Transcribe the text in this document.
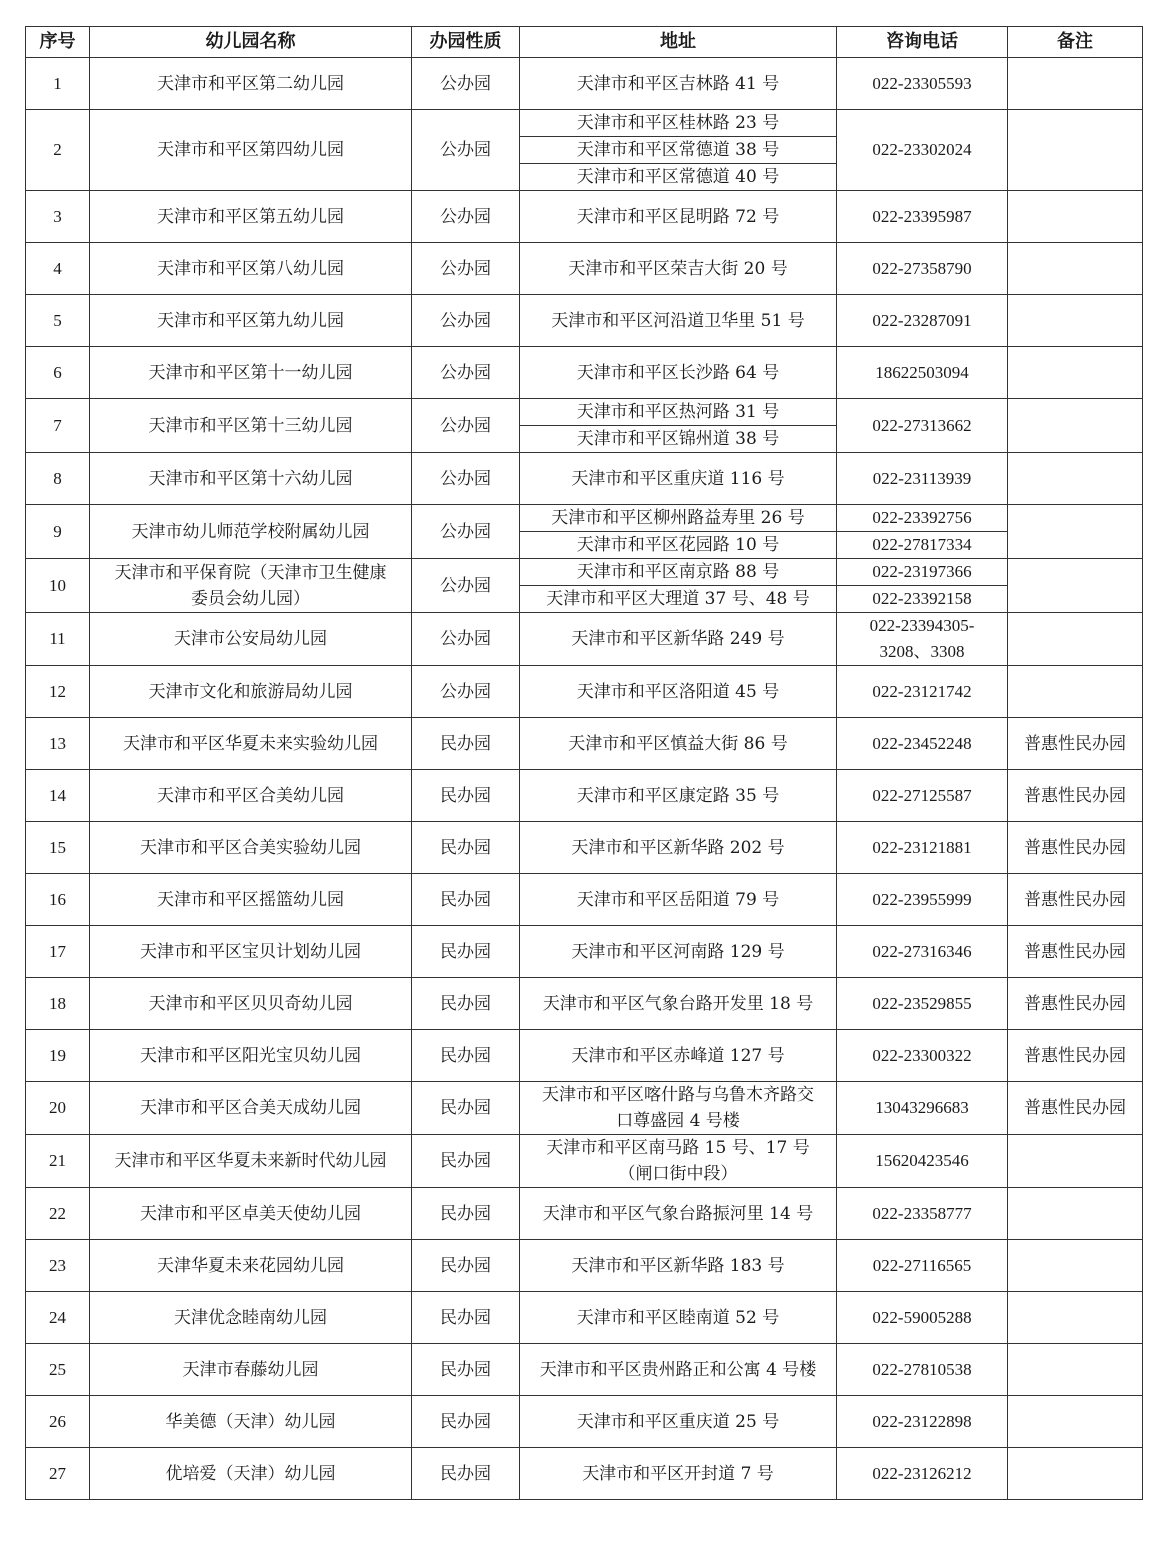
序号	幼儿园名称	办园性质	地址	咨询电话	备注
1	天津市和平区第二幼儿园	公办园	天津市和平区吉林路 41 号	022-23305593	
2	天津市和平区第四幼儿园	公办园	天津市和平区桂林路 23 号	022-23302024	
			天津市和平区常德道 38 号		
			天津市和平区常德道 40 号		
3	天津市和平区第五幼儿园	公办园	天津市和平区昆明路 72 号	022-23395987	
4	天津市和平区第八幼儿园	公办园	天津市和平区荣吉大街 20 号	022-27358790	
5	天津市和平区第九幼儿园	公办园	天津市和平区河沿道卫华里 51 号	022-23287091	
6	天津市和平区第十一幼儿园	公办园	天津市和平区长沙路 64 号	18622503094	
7	天津市和平区第十三幼儿园	公办园	天津市和平区热河路 31 号	022-27313662	
			天津市和平区锦州道 38 号		
8	天津市和平区第十六幼儿园	公办园	天津市和平区重庆道 116 号	022-23113939	
9	天津市幼儿师范学校附属幼儿园	公办园	天津市和平区柳州路益寿里 26 号	022-23392756	
			天津市和平区花园路 10 号	022-27817334	
10	天津市和平保育院（天津市卫生健康
委员会幼儿园）	公办园	天津市和平区南京路 88 号	022-23197366	
			天津市和平区大理道 37 号、48 号	022-23392158	
11	天津市公安局幼儿园	公办园	天津市和平区新华路 249 号	022-23394305-
3208、3308	

12	天津市文化和旅游局幼儿园	公办园	天津市和平区洛阳道 45 号	022-23121742	
13	天津市和平区华夏未来实验幼儿园	民办园	天津市和平区慎益大街 86 号	022-23452248	普惠性民办园
14	天津市和平区合美幼儿园	民办园	天津市和平区康定路 35 号	022-27125587	普惠性民办园
15	天津市和平区合美实验幼儿园	民办园	天津市和平区新华路 202 号	022-23121881	普惠性民办园
16	天津市和平区摇篮幼儿园	民办园	天津市和平区岳阳道 79 号	022-23955999	普惠性民办园
17	天津市和平区宝贝计划幼儿园	民办园	天津市和平区河南路 129 号	022-27316346	普惠性民办园
18	天津市和平区贝贝奇幼儿园	民办园	天津市和平区气象台路开发里 18 号	022-23529855	普惠性民办园
19	天津市和平区阳光宝贝幼儿园	民办园	天津市和平区赤峰道 127 号	022-23300322	普惠性民办园
20	天津市和平区合美天成幼儿园	民办园	天津市和平区喀什路与乌鲁木齐路交
口尊盛园 4 号楼	13043296683	普惠性民办园
21	天津市和平区华夏未来新时代幼儿园	民办园	天津市和平区南马路 15 号、17 号
（闸口街中段）	15620423546	
22	天津市和平区卓美天使幼儿园	民办园	天津市和平区气象台路振河里 14 号	022-23358777	
23	天津华夏未来花园幼儿园	民办园	天津市和平区新华路 183 号	022-27116565	
24	天津优念睦南幼儿园	民办园	天津市和平区睦南道 52 号	022-59005288	
25	天津市春藤幼儿园	民办园	天津市和平区贵州路正和公寓 4 号楼	022-27810538	
26	华美德（天津）幼儿园	民办园	天津市和平区重庆道 25 号	022-23122898	
27	优培爱（天津）幼儿园	民办园	天津市和平区开封道 7 号	022-23126212	
